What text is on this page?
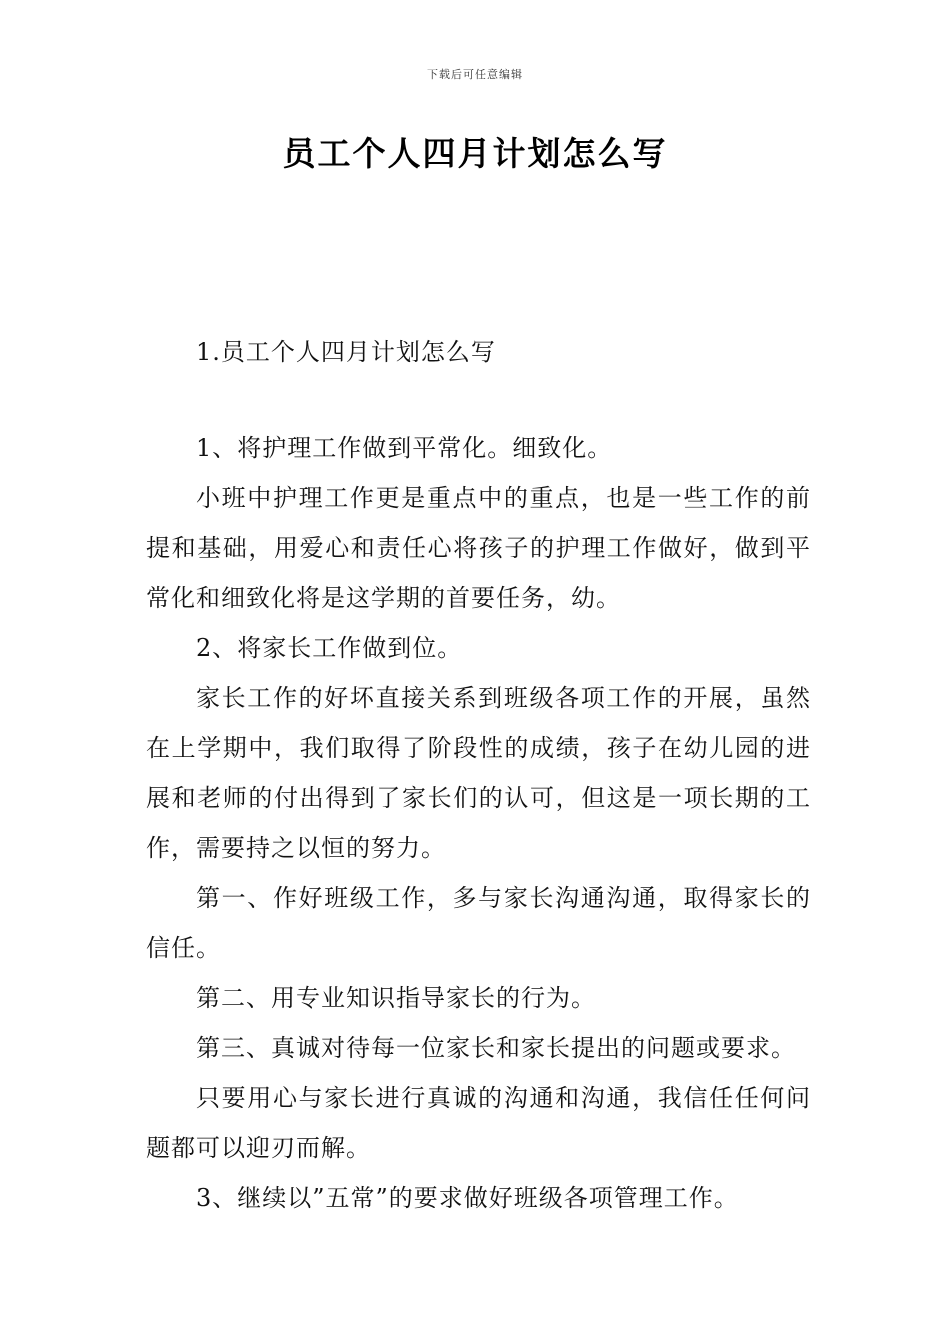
下载后可任意编辑
员工个人四月计划怎么写
1.员工个人四月计划怎么写

1、将护理工作做到平常化。细致化。

小班中护理工作更是重点中的重点，也是一些工作的前提和基础，用爱心和责任心将孩子的护理工作做好，做到平常化和细致化将是这学期的首要任务，幼。

2、将家长工作做到位。

家长工作的好坏直接关系到班级各项工作的开展，虽然在上学期中，我们取得了阶段性的成绩，孩子在幼儿园的进展和老师的付出得到了家长们的认可，但这是一项长期的工作，需要持之以恒的努力。

第一、作好班级工作，多与家长沟通沟通，取得家长的信任。

第二、用专业知识指导家长的行为。

第三、真诚对待每一位家长和家长提出的问题或要求。

只要用心与家长进行真诚的沟通和沟通，我信任任何问题都可以迎刃而解。

3、继续以”五常”的要求做好班级各项管理工作。
